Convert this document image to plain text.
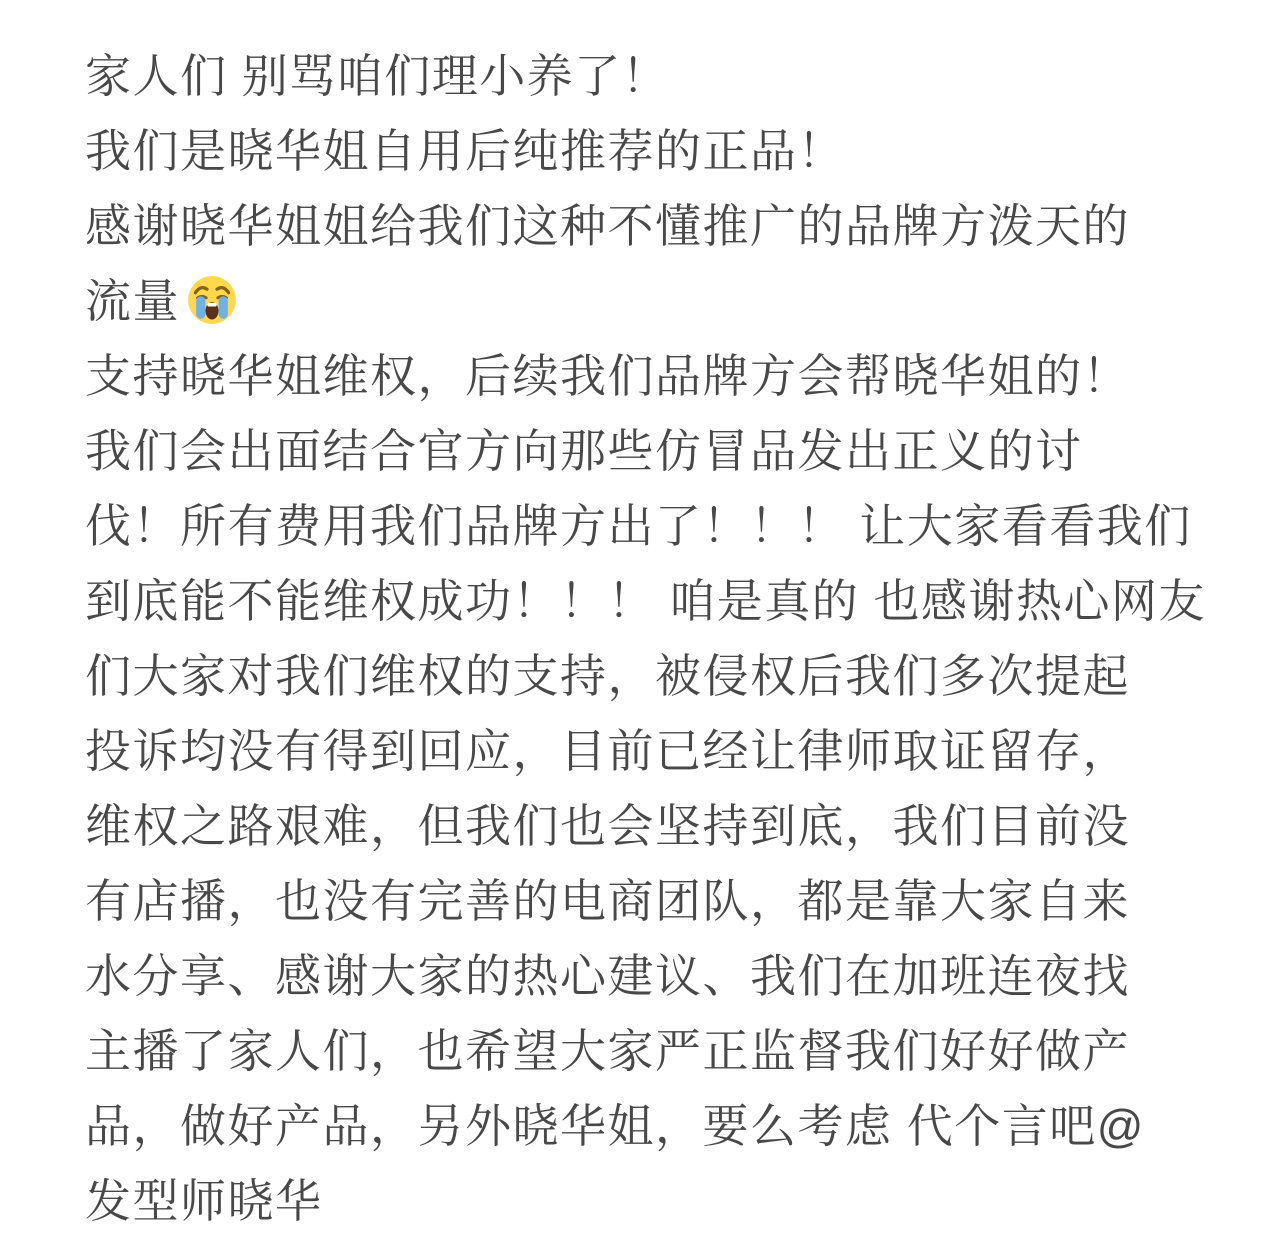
家人们 别骂咱们理小养了！
我们是晓华姐自用后纯推荐的正品！
感谢晓华姐姐给我们这种不懂推广的品牌方泼天的
流量
支持晓华姐维权，后续我们品牌方会帮晓华姐的！
我们会出面结合官方向那些仿冒品发出正义的讨
伐！所有费用我们品牌方出了！！！ 让大家看看我们
到底能不能维权成功！！！ 咱是真的 也感谢热心网友
们大家对我们维权的支持，被侵权后我们多次提起
投诉均没有得到回应，目前已经让律师取证留存，
维权之路艰难，但我们也会坚持到底，我们目前没
有店播，也没有完善的电商团队，都是靠大家自来
水分享、感谢大家的热心建议、我们在加班连夜找
主播了家人们，也希望大家严正监督我们好好做产
品，做好产品，另外晓华姐，要么考虑 代个言吧@
发型师晓华
